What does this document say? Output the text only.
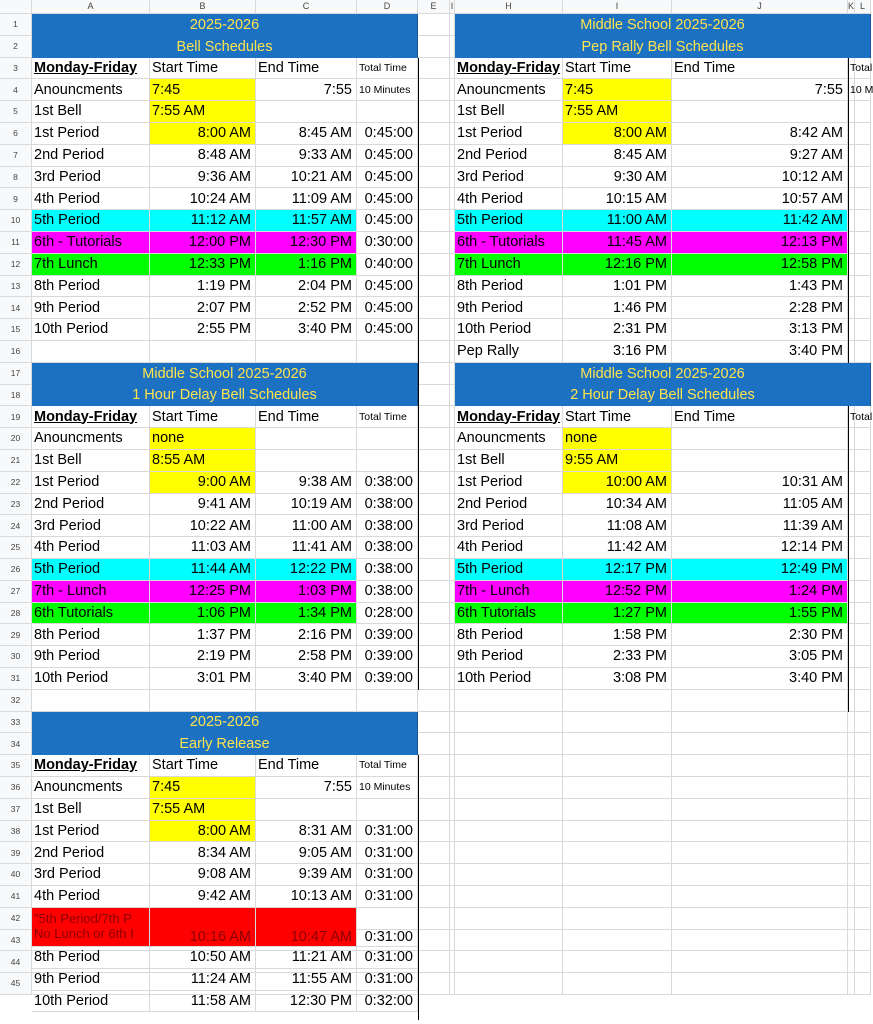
A	B	C	D	E	I	H	I	J	K L
1
2
3
4
5
6
7
8
9
10
11
12
13
14
15
16
17
18
19
20
21
22
23
24
25
26
27
28
29
30
31
32
33
34
35
36
37
38
39
40
41
42
43
44
45
2025-2026
Bell Schedules
Monday-Friday	Start Time	End Time	Total Time
Anouncments	7:45	7:55 10 Minutes
1st Bell	7:55 AM
1st Period	8:00 AM	8:45 AM 0:45:00
2nd Period	8:48 AM	9:33 AM 0:45:00
3rd Period	9:36 AM	10:21 AM 0:45:00
4th Period	10:24 AM	11:09 AM 0:45:00
5th Period	11:12 AM	11:57 AM 0:45:00
6th - Tutorials	12:00 PM	12:30 PM 0:30:00
7th Lunch	12:33 PM	1:16 PM 0:40:00
8th Period	1:19 PM	2:04 PM 0:45:00
9th Period	2:07 PM	2:52 PM 0:45:00
10th Period	2:55 PM	3:40 PM 0:45:00
Middle School 2025-2026
Pep Rally Bell Schedules
Monday-Friday Start Time	End Time	Total
Anouncments	7:45	7:55 10 M
1st Bell	7:55 AM
1st Period	8:00 AM	8:42 AM
2nd Period	8:45 AM	9:27 AM
3rd Period	9:30 AM	10:12 AM
4th Period	10:15 AM	10:57 AM
5th Period	11:00 AM	11:42 AM
6th - Tutorials	11:45 AM	12:13 PM
7th Lunch	12:16 PM	12:58 PM
8th Period	1:01 PM	1:43 PM
9th Period	1:46 PM	2:28 PM
10th Period	2:31 PM	3:13 PM
Pep Rally	3:16 PM	3:40 PM
Middle School 2025-2026
1 Hour Delay Bell Schedules
Monday-Friday	Start Time	End Time	Total Time
Anouncments	none
1st Bell	8:55 AM
1st Period	9:00 AM	9:38 AM 0:38:00
2nd Period	9:41 AM	10:19 AM 0:38:00
3rd Period	10:22 AM	11:00 AM 0:38:00
4th Period	11:03 AM	11:41 AM 0:38:00
5th Period	11:44 AM	12:22 PM 0:38:00
7th - Lunch	12:25 PM	1:03 PM 0:38:00
6th Tutorials	1:06 PM	1:34 PM 0:28:00
8th Period	1:37 PM	2:16 PM 0:39:00
9th Period	2:19 PM	2:58 PM 0:39:00
10th Period	3:01 PM	3:40 PM 0:39:00
Middle School 2025-2026
2 Hour Delay Bell Schedules
Monday-Friday Start Time	End Time	Total
Anouncments	none
1st Bell	9:55 AM
1st Period	10:00 AM	10:31 AM
2nd Period	10:34 AM	11:05 AM
3rd Period	11:08 AM	11:39 AM
4th Period	11:42 AM	12:14 PM
5th Period	12:17 PM	12:49 PM
7th - Lunch	12:52 PM	1:24 PM
6th Tutorials	1:27 PM	1:55 PM
8th Period	1:58 PM	2:30 PM
9th Period	2:33 PM	3:05 PM
10th Period	3:08 PM	3:40 PM
2025-2026
Early Release
Monday-Friday	Start Time	End Time	Total Time
Anouncments	7:45	7:55 10 Minutes
1st Bell	7:55 AM
1st Period	8:00 AM	8:31 AM 0:31:00
2nd Period	8:34 AM	9:05 AM 0:31:00
3rd Period	9:08 AM	9:39 AM 0:31:00
4th Period	9:42 AM	10:13 AM 0:31:00
"5th Period/7th P
No Lunch or 6th I	10:16 AM	10:47 AM 0:31:00
8th Period	10:50 AM	11:21 AM 0:31:00
9th Period	11:24 AM	11:55 AM 0:31:00
10th Period	11:58 AM	12:30 PM 0:32:00
